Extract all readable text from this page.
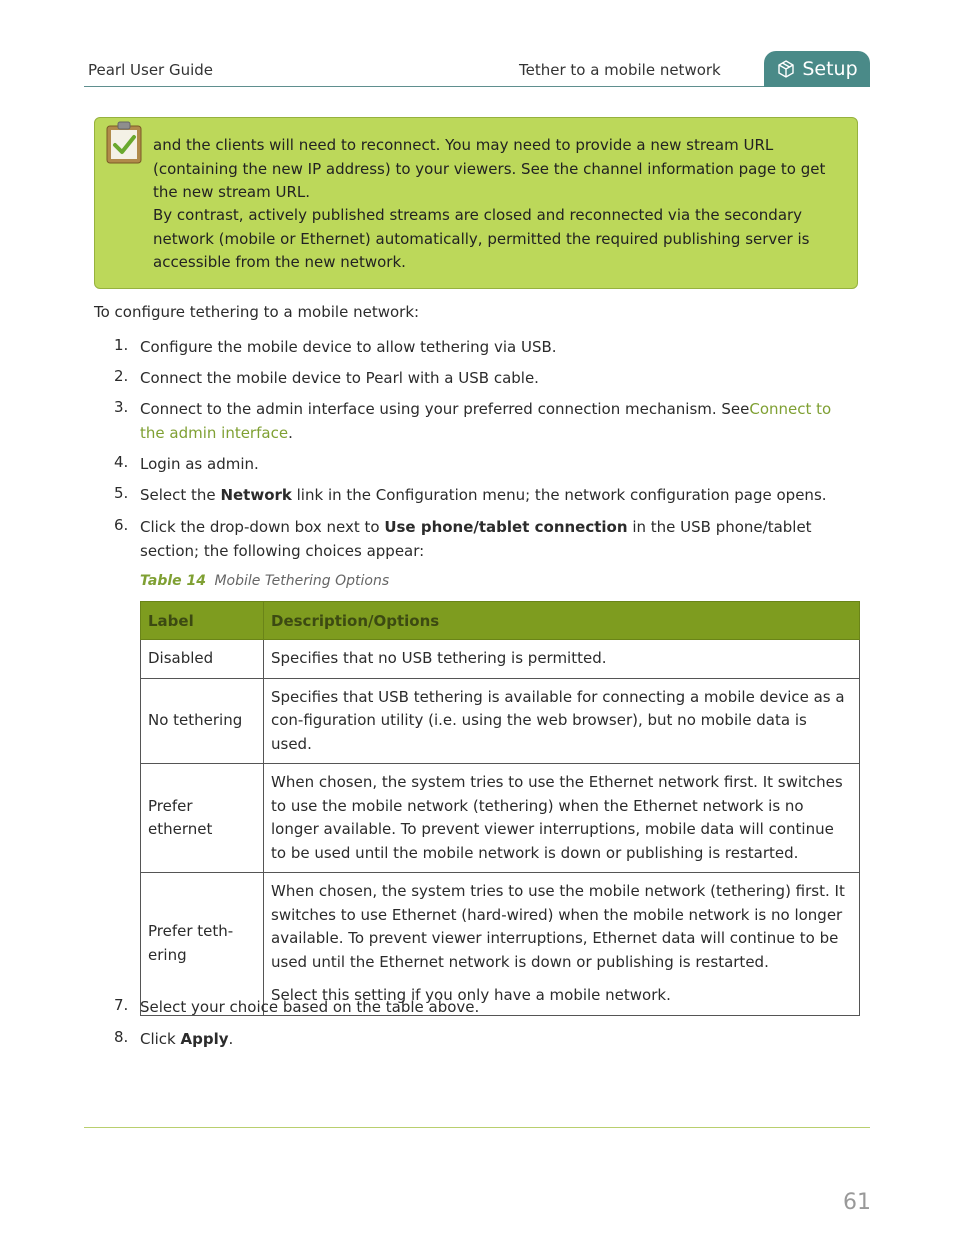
Pearl User Guide	Tether to a mobile network	Setup

and the clients will need to reconnect. You may need to provide a new stream URL (containing the new IP address) to your viewers. See the channel information page to get the new stream URL.

By contrast, actively published streams are closed and reconnected via the secondary network (mobile or Ethernet) automatically, permitted the required publishing server is accessible from the new network.

To configure tethering to a mobile network:

1. Configure the mobile device to allow tethering via USB.
2. Connect the mobile device to Pearl with a USB cable.
3. Connect to the admin interface using your preferred connection mechanism. SeeConnect to the admin interface.
4. Login as admin.
5. Select the Network link in the Configuration menu; the network configuration page opens.
6. Click the drop-down box next to Use phone/tablet connection in the USB phone/tablet section; the following choices appear:
Table 14 Mobile Tethering Options
Label	Description/Options
Disabled	Specifies that no USB tethering is permitted.
No tethering	Specifies that USB tethering is available for connecting a mobile device as a con-figuration utility (i.e. using the web browser), but no mobile data is used.
Prefer ethernet	When chosen, the system tries to use the Ethernet network first. It switches to use the mobile network (tethering) when the Ethernet network is no longer available. To prevent viewer interruptions, mobile data will continue to be used until the mobile network is down or publishing is restarted.
Prefer teth-ering	When chosen, the system tries to use the mobile network (tethering) first. It switches to use Ethernet (hard-wired) when the mobile network is no longer available. To prevent viewer interruptions, Ethernet data will continue to be used until the Ethernet network is down or publishing is restarted.

Select this setting if you only have a mobile network.

7. Select your choice based on the table above.
8. Click Apply.
61
